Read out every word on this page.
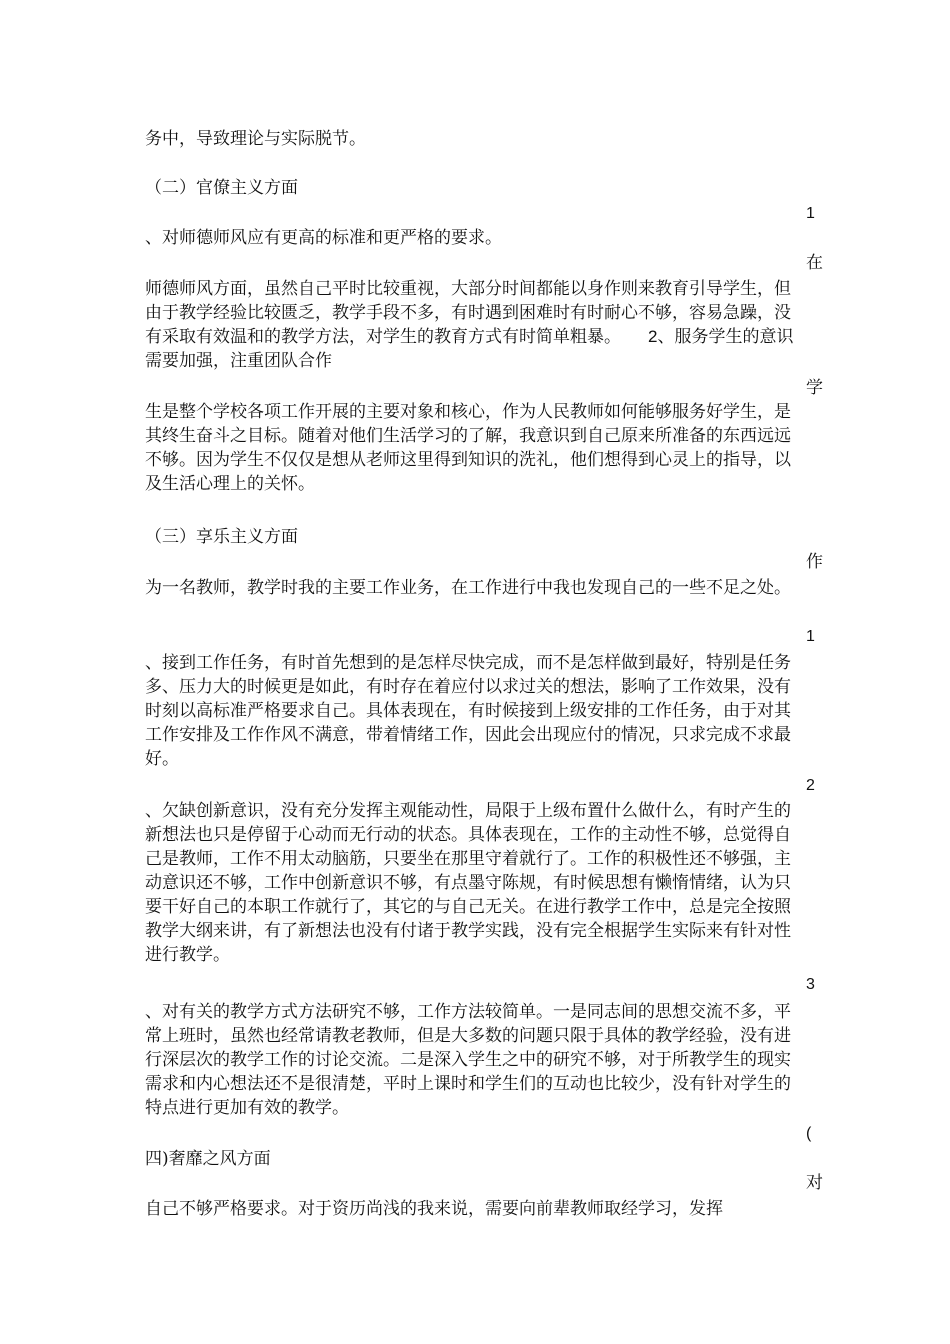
务中，导致理论与实际脱节。

（二）官僚主义方面

、对师德师风应有更高的标准和更严格的要求。

师德师风方面，虽然自己平时比较重视，大部分时间都能以身作则来教育引导学生，但由于教学经验比较匮乏，教学手段不多，有时遇到困难时有时耐心不够，容易急躁，没有采取有效温和的教学方法，对学生的教育方式有时简单粗暴。 2、服务学生的意识需要加强，注重团队合作

生是整个学校各项工作开展的主要对象和核心，作为人民教师如何能够服务好学生，是其终生奋斗之目标。随着对他们生活学习的了解，我意识到自己原来所准备的东西远远不够。因为学生不仅仅是想从老师这里得到知识的洗礼，他们想得到心灵上的指导，以及生活心理上的关怀。

（三）享乐主义方面

为一名教师，教学时我的主要工作业务，在工作进行中我也发现自己的一些不足之处。

、接到工作任务，有时首先想到的是怎样尽快完成，而不是怎样做到最好，特别是任务多、压力大的时候更是如此，有时存在着应付以求过关的想法，影响了工作效果，没有时刻以高标准严格要求自己。具体表现在，有时候接到上级安排的工作任务，由于对其工作安排及工作作风不满意，带着情绪工作，因此会出现应付的情况，只求完成不求最好。

、欠缺创新意识，没有充分发挥主观能动性，局限于上级布置什么做什么，有时产生的新想法也只是停留于心动而无行动的状态。具体表现在，工作的主动性不够，总觉得自己是教师，工作不用太动脑筋，只要坐在那里守着就行了。工作的积极性还不够强，主动意识还不够，工作中创新意识不够，有点墨守陈规，有时候思想有懒惰情绪，认为只要干好自己的本职工作就行了，其它的与自己无关。在进行教学工作中，总是完全按照教学大纲来讲，有了新想法也没有付诸于教学实践，没有完全根据学生实际来有针对性进行教学。

、对有关的教学方式方法研究不够，工作方法较简单。一是同志间的思想交流不多，平常上班时，虽然也经常请教老教师，但是大多数的问题只限于具体的教学经验，没有进行深层次的教学工作的讨论交流。二是深入学生之中的研究不够，对于所教学生的现实需求和内心想法还不是很清楚，平时上课时和学生们的互动也比较少，没有针对学生的特点进行更加有效的教学。

四)奢靡之风方面

自己不够严格要求。对于资历尚浅的我来说，需要向前辈教师取经学习，发挥

1
在
学
作
1
2
3
(
对
